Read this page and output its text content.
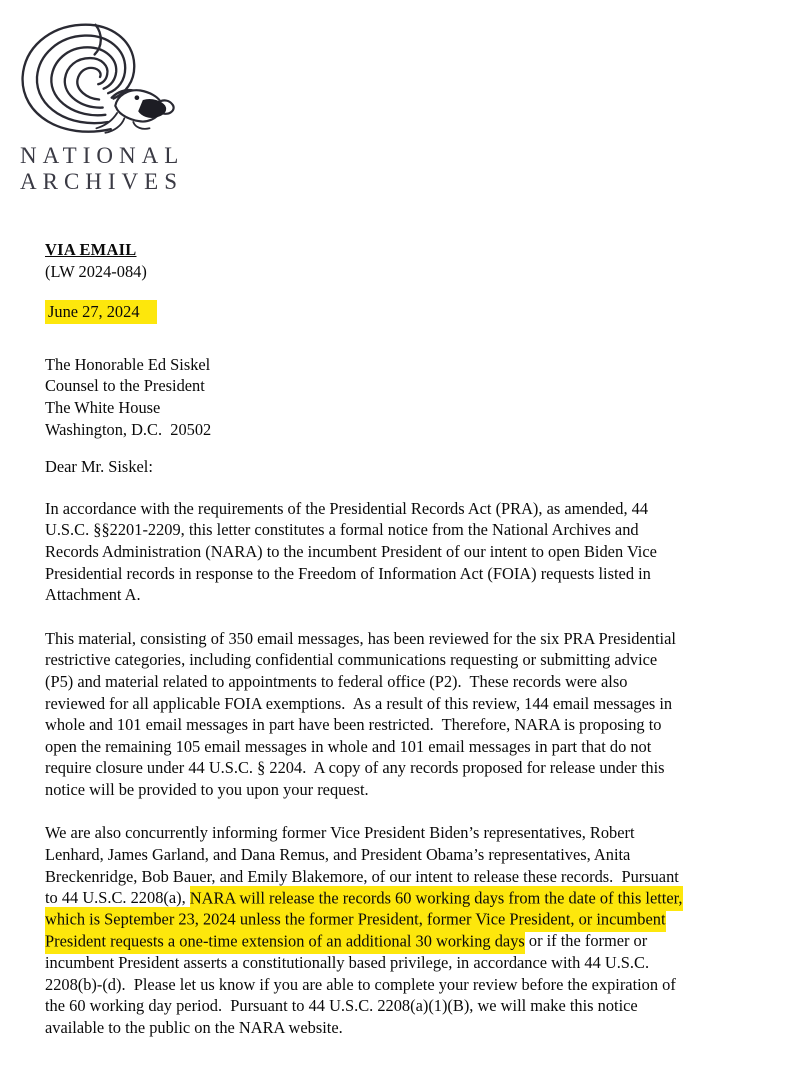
NATIONAL
ARCHIVES
VIA EMAIL
(LW 2024-084)
June 27, 2024
The Honorable Ed Siskel
Counsel to the President
The White House
Washington, D.C.  20502
Dear Mr. Siskel:
In accordance with the requirements of the Presidential Records Act (PRA), as amended, 44
U.S.C. §§2201-2209, this letter constitutes a formal notice from the National Archives and
Records Administration (NARA) to the incumbent President of our intent to open Biden Vice
Presidential records in response to the Freedom of Information Act (FOIA) requests listed in
Attachment A.
This material, consisting of 350 email messages, has been reviewed for the six PRA Presidential
restrictive categories, including confidential communications requesting or submitting advice
(P5) and material related to appointments to federal office (P2).  These records were also
reviewed for all applicable FOIA exemptions.  As a result of this review, 144 email messages in
whole and 101 email messages in part have been restricted.  Therefore, NARA is proposing to
open the remaining 105 email messages in whole and 101 email messages in part that do not
require closure under 44 U.S.C. § 2204.  A copy of any records proposed for release under this
notice will be provided to you upon your request.
We are also concurrently informing former Vice President Biden’s representatives, Robert
Lenhard, James Garland, and Dana Remus, and President Obama’s representatives, Anita
Breckenridge, Bob Bauer, and Emily Blakemore, of our intent to release these records.  Pursuant
to 44 U.S.C. 2208(a), NARA will release the records 60 working days from the date of this letter,
which is September 23, 2024 unless the former President, former Vice President, or incumbent
President requests a one-time extension of an additional 30 working days or if the former or
incumbent President asserts a constitutionally based privilege, in accordance with 44 U.S.C.
2208(b)-(d).  Please let us know if you are able to complete your review before the expiration of
the 60 working day period.  Pursuant to 44 U.S.C. 2208(a)(1)(B), we will make this notice
available to the public on the NARA website.
